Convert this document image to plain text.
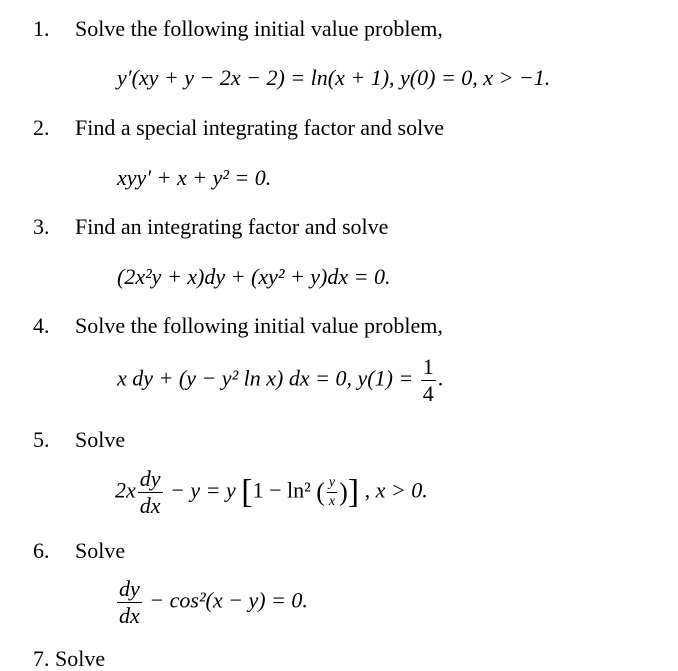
1. Solve the following initial value problem,
y′(xy + y − 2x − 2) = ln(x + 1), y(0) = 0, x > −1.
2. Find a special integrating factor and solve
xyy′ + x + y² = 0.
3. Find an integrating factor and solve
(2x²y + x)dy + (xy² + y)dx = 0.
4. Solve the following initial value problem,
x dy + (y − y² ln x) dx = 0, $y(1) = \frac{1}{4}$ .
5. Solve
$2x \frac{dy}{dx} - y = y$ [1 − ln² ( $\frac{y}{x}$ )] , x > 0.
6. Solve
$\frac{dy}{dx} - \cos^2(x - y) = 0$.
7. Solve
